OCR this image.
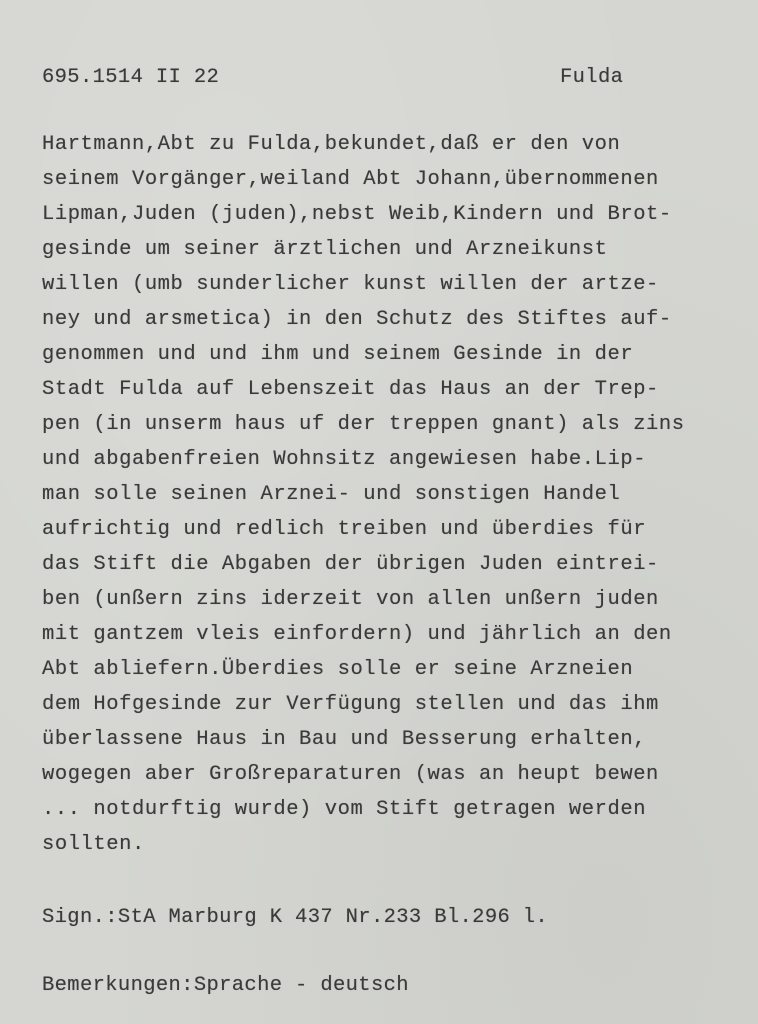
695.1514 II 22	Fulda
Hartmann,Abt zu Fulda,bekundet,daß er den von
seinem Vorgänger,weiland Abt Johann,übernommenen
Lipman,Juden (juden),nebst Weib,Kindern und Brot-
gesinde um seiner ärztlichen und Arzneikunst
willen (umb sunderlicher kunst willen der artze-
ney und arsmetica) in den Schutz des Stiftes auf-
genommen und und ihm und seinem Gesinde in der
Stadt Fulda auf Lebenszeit das Haus an der Trep-
pen (in unserm haus uf der treppen gnant) als zins
und abgabenfreien Wohnsitz angewiesen habe.Lip-
man solle seinen Arznei- und sonstigen Handel
aufrichtig und redlich treiben und überdies für
das Stift die Abgaben der übrigen Juden eintrei-
ben (unßern zins iderzeit von allen unßern juden
mit gantzem vleis einfordern) und jährlich an den
Abt abliefern.Überdies solle er seine Arzneien
dem Hofgesinde zur Verfügung stellen und das ihm
überlassene Haus in Bau und Besserung erhalten,
wogegen aber Großreparaturen (was an heupt bewen
... notdurftig wurde) vom Stift getragen werden
sollten.
Sign.:StA Marburg K 437 Nr.233 Bl.296 l.
Bemerkungen:Sprache - deutsch
